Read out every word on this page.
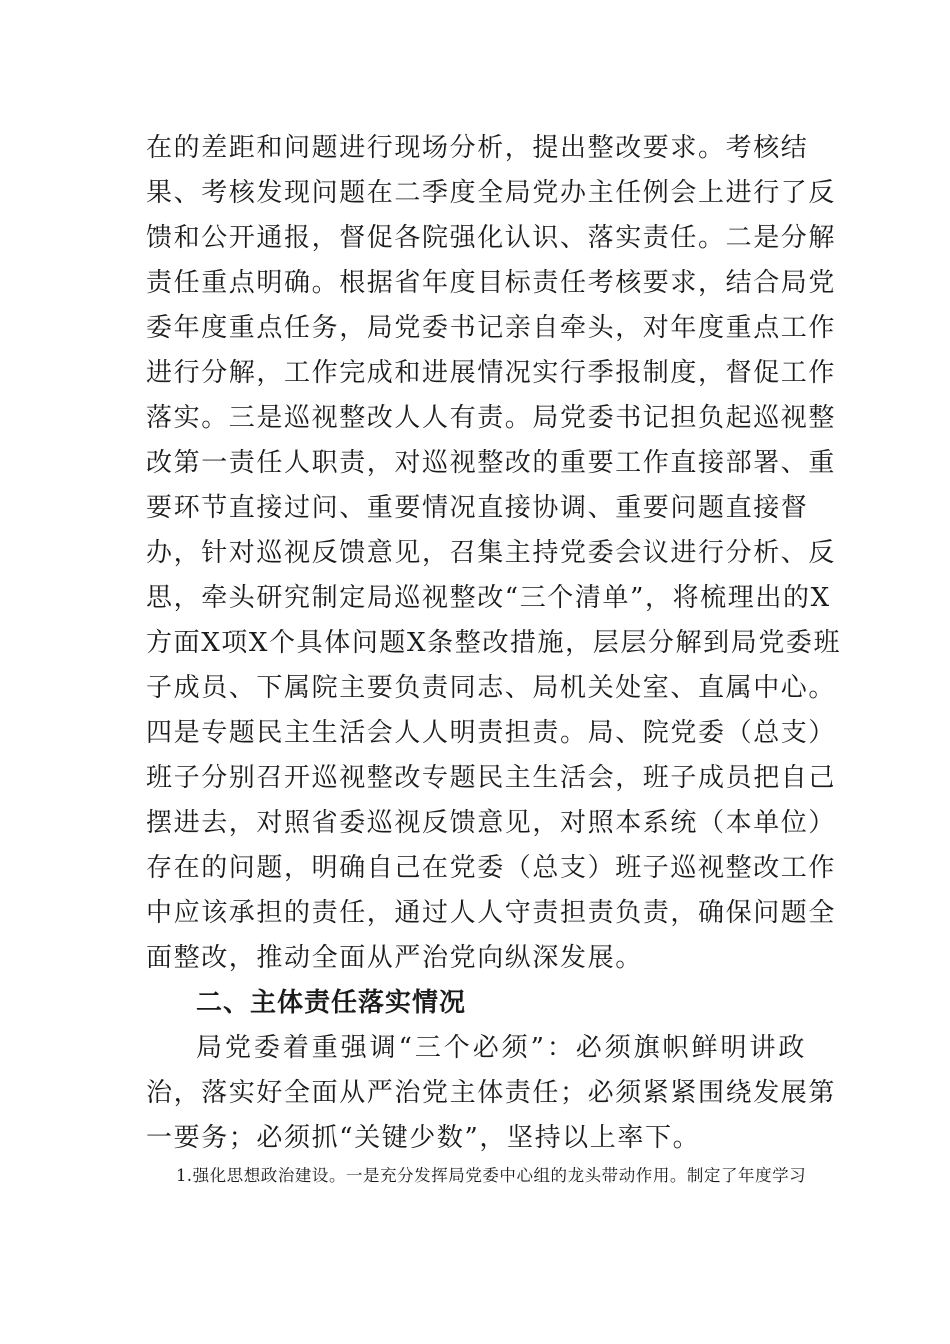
在的差距和问题进行现场分析，提出整改要求。考核结
果、考核发现问题在二季度全局党办主任例会上进行了反
馈和公开通报，督促各院强化认识、落实责任。二是分解
责任重点明确。根据省年度目标责任考核要求，结合局党
委年度重点任务，局党委书记亲自牵头，对年度重点工作
进行分解，工作完成和进展情况实行季报制度，督促工作
落实。三是巡视整改人人有责。局党委书记担负起巡视整
改第一责任人职责，对巡视整改的重要工作直接部署、重
要环节直接过问、重要情况直接协调、重要问题直接督
办，针对巡视反馈意见，召集主持党委会议进行分析、反
思，牵头研究制定局巡视整改“三个清单”，将梳理出的X
方面X项X个具体问题X条整改措施，层层分解到局党委班
子成员、下属院主要负责同志、局机关处室、直属中心。
四是专题民主生活会人人明责担责。局、院党委（总支）
班子分别召开巡视整改专题民主生活会，班子成员把自己
摆进去，对照省委巡视反馈意见，对照本系统（本单位）
存在的问题，明确自己在党委（总支）班子巡视整改工作
中应该承担的责任，通过人人守责担责负责，确保问题全
面整改，推动全面从严治党向纵深发展。
二、主体责任落实情况
局党委着重强调“三个必须”：必须旗帜鲜明讲政
治，落实好全面从严治党主体责任；必须紧紧围绕发展第
一要务；必须抓“关键少数”，坚持以上率下。
1.强化思想政治建设。一是充分发挥局党委中心组的龙头带动作用。制定了年度学习
